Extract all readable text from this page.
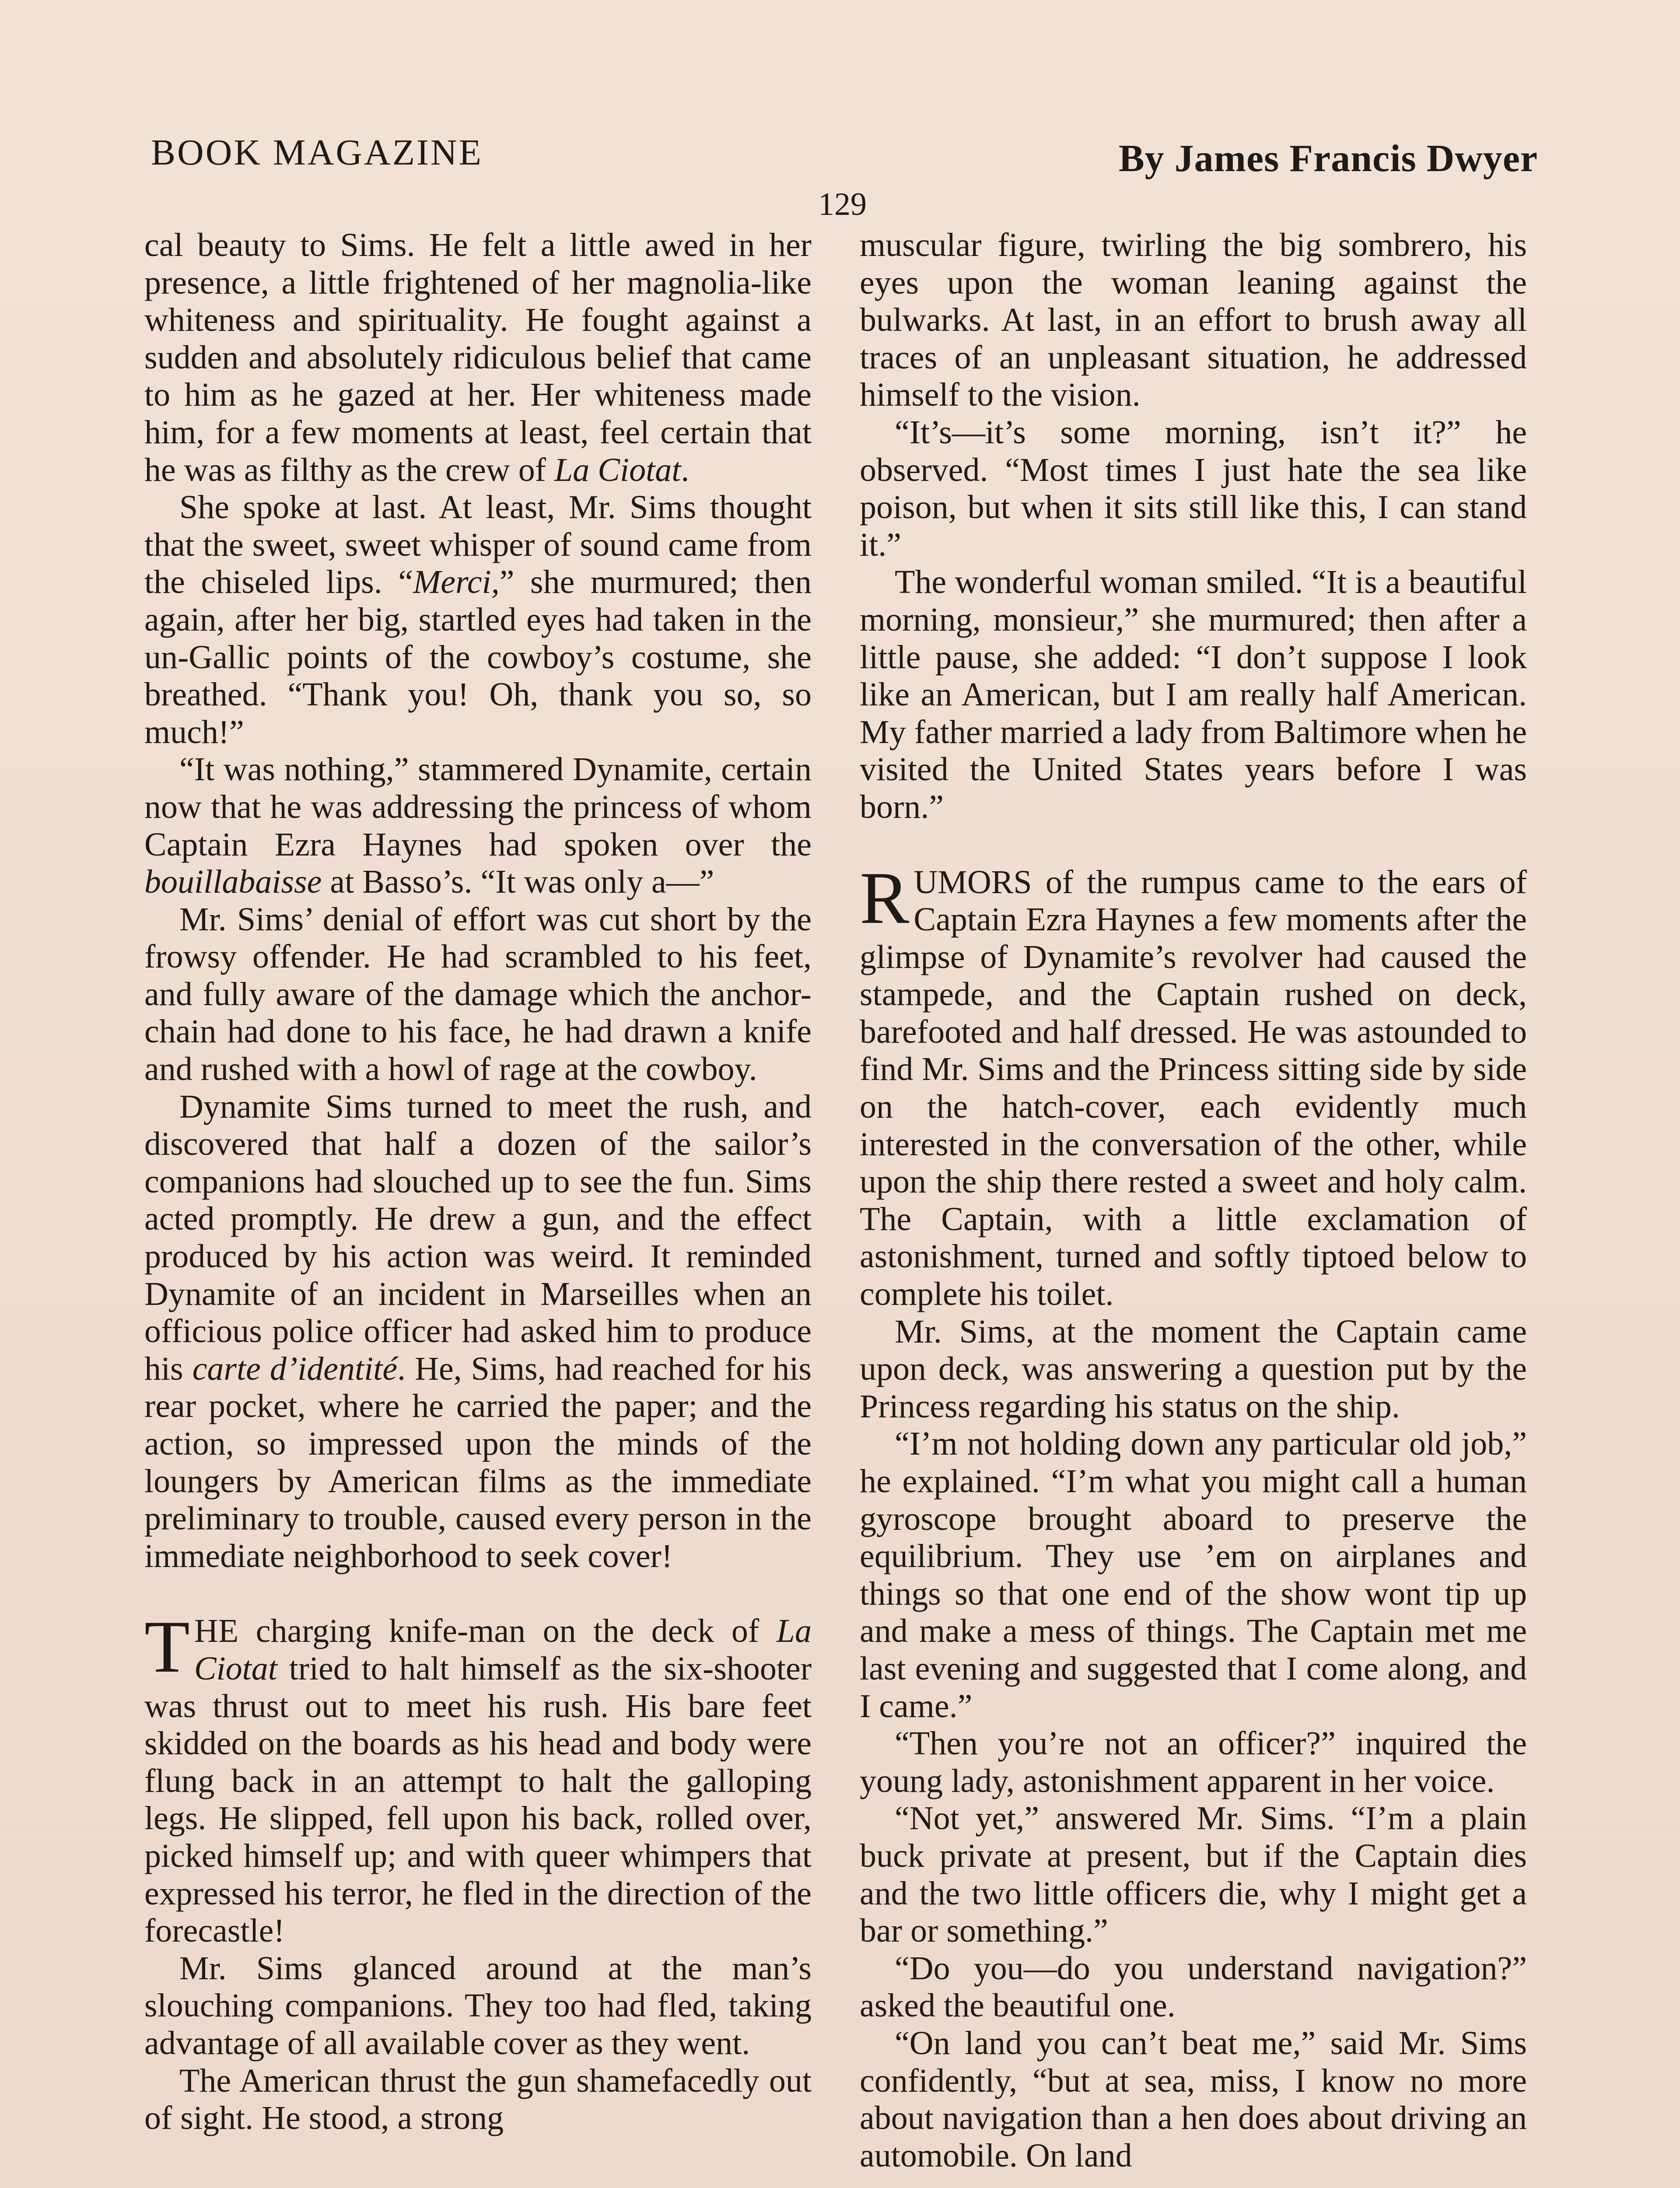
BOOK MAGAZINE	By James Francis Dwyer
129

cal beauty to Sims. He felt a little awed in her presence, a little frightened of her magnolia-like whiteness and spirituality. He fought against a sudden and absolutely ridiculous belief that came to him as he gazed at her. Her whiteness made him, for a few moments at least, feel certain that he was as filthy as the crew of La Ciotat.

She spoke at last. At least, Mr. Sims thought that the sweet, sweet whisper of sound came from the chiseled lips. “Merci,” she murmured; then again, after her big, startled eyes had taken in the un-Gallic points of the cowboy’s costume, she breathed. “Thank you! Oh, thank you so, so much!”

“It was nothing,” stammered Dynamite, certain now that he was addressing the princess of whom Captain Ezra Haynes had spoken over the bouillabaisse at Basso’s. “It was only a—”

Mr. Sims’ denial of effort was cut short by the frowsy offender. He had scrambled to his feet, and fully aware of the damage which the anchor-chain had done to his face, he had drawn a knife and rushed with a howl of rage at the cowboy.

Dynamite Sims turned to meet the rush, and discovered that half a dozen of the sailor’s companions had slouched up to see the fun. Sims acted promptly. He drew a gun, and the effect produced by his action was weird. It reminded Dynamite of an incident in Marseilles when an officious police officer had asked him to produce his carte d’identité. He, Sims, had reached for his rear pocket, where he carried the paper; and the action, so impressed upon the minds of the loungers by American films as the immediate preliminary to trouble, caused every person in the immediate neighborhood to seek cover!

THE charging knife-man on the deck of La Ciotat tried to halt himself as the six-shooter was thrust out to meet his rush. His bare feet skidded on the boards as his head and body were flung back in an attempt to halt the galloping legs. He slipped, fell upon his back, rolled over, picked himself up; and with queer whimpers that expressed his terror, he fled in the direction of the forecastle!

Mr. Sims glanced around at the man’s slouching companions. They too had fled, taking advantage of all available cover as they went.

The American thrust the gun shamefacedly out of sight. He stood, a strong

muscular figure, twirling the big sombrero, his eyes upon the woman leaning against the bulwarks. At last, in an effort to brush away all traces of an unpleasant situation, he addressed himself to the vision.

“It’s—it’s some morning, isn’t it?” he observed. “Most times I just hate the sea like poison, but when it sits still like this, I can stand it.”

The wonderful woman smiled. “It is a beautiful morning, monsieur,” she murmured; then after a little pause, she added: “I don’t suppose I look like an American, but I am really half American. My father married a lady from Baltimore when he visited the United States years before I was born.”

RUMORS of the rumpus came to the ears of Captain Ezra Haynes a few moments after the glimpse of Dynamite’s revolver had caused the stampede, and the Captain rushed on deck, barefooted and half dressed. He was astounded to find Mr. Sims and the Princess sitting side by side on the hatch-cover, each evidently much interested in the conversation of the other, while upon the ship there rested a sweet and holy calm. The Captain, with a little exclamation of astonishment, turned and softly tiptoed below to complete his toilet.

Mr. Sims, at the moment the Captain came upon deck, was answering a question put by the Princess regarding his status on the ship.

“I’m not holding down any particular old job,” he explained. “I’m what you might call a human gyroscope brought aboard to preserve the equilibrium. They use ’em on airplanes and things so that one end of the show wont tip up and make a mess of things. The Captain met me last evening and suggested that I come along, and I came.”

“Then you’re not an officer?” inquired the young lady, astonishment apparent in her voice.

“Not yet,” answered Mr. Sims. “I’m a plain buck private at present, but if the Captain dies and the two little officers die, why I might get a bar or something.”

“Do you—do you understand navigation?” asked the beautiful one.

“On land you can’t beat me,” said Mr. Sims confidently, “but at sea, miss, I know no more about navigation than a hen does about driving an automobile. On land
